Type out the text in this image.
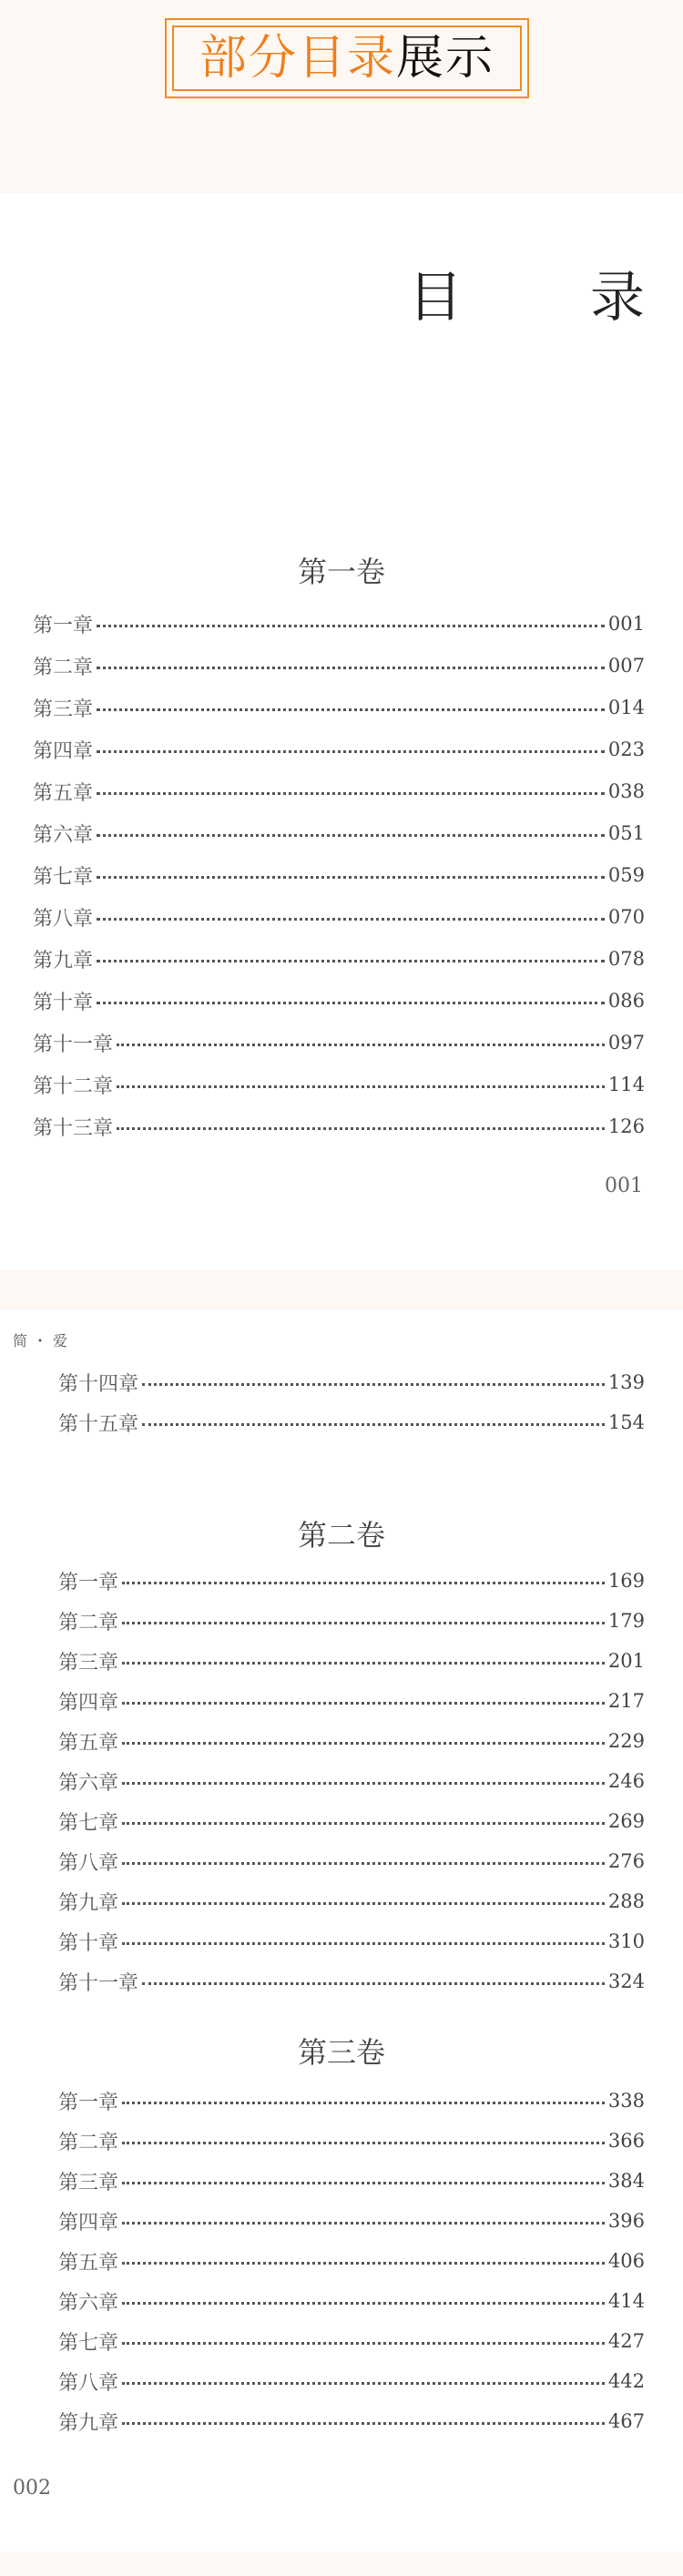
部分目录展示
目 录
第一卷
第一章	001
第二章	007
第三章	014
第四章	023
第五章	038
第六章	051
第七章	059
第八章	070
第九章	078
第十章	086
第十一章	097
第十二章	114
第十三章	126
001
简・爱
第十四章	139
第十五章	154
第二卷
第一章	169
第二章	179
第三章	201
第四章	217
第五章	229
第六章	246
第七章	269
第八章	276
第九章	288
第十章	310
第十一章	324
第三卷
第一章	338
第二章	366
第三章	384
第四章	396
第五章	406
第六章	414
第七章	427
第八章	442
第九章	467
002
